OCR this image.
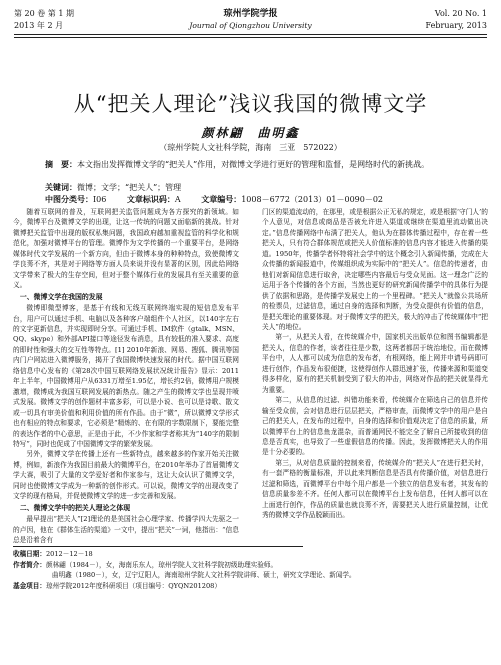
第 20 卷 第 1 期	琼州学院学报	Vol. 20 No. 1
2013 年 2 月	Journal of Qiongzhou University	February, 2013
从“把关人理论”浅议我国的微博文学
颜林翩　曲明鑫
（琼州学院人文社科学院，海南　三亚　572022）
摘　要：本文指出发挥微博文学的“把关人”作用，对微博文学进行更好的管理和监督，是网络时代的新挑战。
关键词：微博；文学；“把关人”；管理
中图分类号：I06	文章标识码：A	文章编号：1008－6772（2013）01－0090－02

随着互联网的普及，互联网把关监管问题成为各方探究的新领域。如今，微博平台及微博文学的出现，让这一传统的问题又面临新的挑战。针对微博把关监管中出现的版权私集问题，我国政府越加重视监管的科学化和规范化，加强对微博平台的管理。微博作为文学传播的一个重要平台，是网络媒体时代文学发展的一个新方向，但由于微博本身的种种特点，致使微博文学良莠不齐，其是对于网络等方面人员来说并没有显著的区别，因此给网络文学带来了极大的生存空间，但对于整个媒体行业的发展具有至关重要的意义。

一、微博文学在我国的发展

微博即微型博客，是基于有线和无线互联网终端实现的短信息发布平台，用户可以通过手机、电脑以及各种客户端组件个人社区，以140字左右的文字更新信息，并实现即时分享。可通过手机、IM软件（gtalk、MSN、QQ、skype）和外部API接口等途径发布消息，具有较低的准入要求、高度的即时性和强大的交互性等特点。[1] 2010年新浪、网易、搜狐、腾讯等国内门户网站进入微博服务，揭开了我国微博快速发展的时代。据中国互联网络信息中心发布的《第28次中国互联网络发展状况统计报告》显示：2011年上半年，中国微博用户从6331万增至1.95亿，增长约2倍，微博用户规模激增，微博成为我国互联网发展的新热点。随之产生的微博文学也呈现井喷式发展。微博文学的创作题材丰富多彩，可以是小说、也可以是诗歌、散文或一切具有审美价值和利用价值的所有作品。由于“微”，所以微博文学形式也有相应的特点和要求，它必须是“精炼的、在有限的字数限制下，要能完整的表达作者的中心意思，正是由于此，不少作家和学者称其为“140字的限制特写”，同时也促成了中国微博文学的繁荣发展。

另外，微博文学在传播上还有一些新特点，越来越多的作家开始关注微博，例如，新浪作为我国目前最大的微博平台，在2010年举办了首届微博文学大赛，吸引了大量的文学爱好者和作家参与，这让大众认识了微博文学，同时也使微博文学成为一种新的创作形式。可以说，微博文学的出现改变了文学的现有格局，并促使微博文学的进一步完善和发展。

二、微博文学中的把关人理论之体现

最早提出“把关人”[2]理论的是美国社会心理学家、传播学四大先驱之一的卢因，他在《群体生活的渠道》一文中，提出“把关”一词，他指出：“信息总是沿着含有

门区的渠道流动的，在那里，或是根据公正无私的规定，或是根据‘守门人’的个人意见，对信息或商品是否被允许进入渠道或继续在渠道里流动做出决定。”信息传播网络中布满了把关人，他认为在群体传播过程中，存在着一些把关人，只有符合群体规范或把关人价值标准的信息内容才能进入传播的渠道。1950年，传播学者怀特将社会学中的这个概念引入新闻传播，完成在大众传播的新闻报道中，传媒组织成为实际中的“把关人”。信息的传递者，由他们对新闻信息进行取舍，决定哪些内容最后与受众见面。这一理念广泛的运用于各个传播的各个方面，当然也更好的研究新闻传播学中的具体行为提供了依据和思路，是传播学发展史上的一个里程碑。“把关人”就像公共场所的检票员，过滤信息，通过自身的选择和判断，为受众提供有价值的信息，是把关理论的重要体现。对于微博文学的把关，极大的冲击了传统媒体中“把关人”的地位。

第一，从把关人看，在传统媒介中，国家机关出版单位和图书编辑都是把关人，信息的作者，该者往往是少数，这两者都居于统治地位，而在微博平台中，人人都可以成为信息的发布者，有根网络，能上网并申请号码即可进行创作，作品发布很便捷，这使得创作人群迅速扩张，传播来源和渠道变得多样化，原有的把关机制受到了很大的冲击，网络对作品的把关就显得尤为重要。

第二，从信息的过滤、纠错功能来看，传统媒介在筛选自己的信息并传输至受众前，会对信息进行层层把关，严格审查，而微博文学中的用户是自己的把关人，在发布的过程中，自身的选择和价值观决定了信息的质量，所以微博平台上的信息鱼龙混杂，而普通网民不能完全了解自己所接收到的信息是否真实，也导致了一些虚假信息的传播。因此，发挥微博把关人的作用是十分必要的。

第三，从对信息质量的控制来看，传统媒介的“把关人”在进行把关时，有一套严格的衡量标准，并以此来判断信息是否具有传播价值，对信息进行过滤和筛选，而微博平台中每个用户都是一个独立的信息发布者，其发布的信息质量参差不齐。任何人都可以在微博平台上发布信息，任何人都可以在上面进行创作，作品的质量也就良莠不齐，需要把关人进行质量控制，让优秀的微博文学作品脱颖而出。

收稿日期：2012－12－18
作者简介：颜林翩（1984－），女，海南乐东人，琼州学院人文社科学院初级助理实验师。
曲明鑫（1980－），女，辽宁辽阳人，海南琼州学院人文社科学院讲师、硕士，研究文学理论、新闻学。
基金项目：琼州学院2012年度科研项目（项目编号：QYQN201208）
